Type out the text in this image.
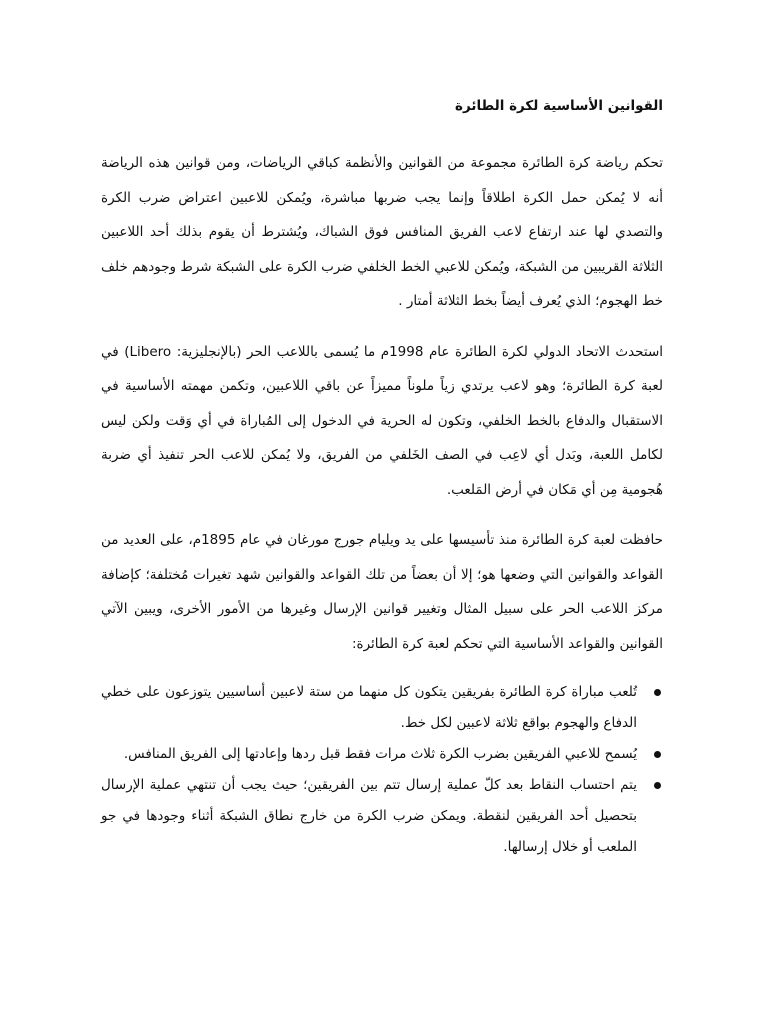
القوانين الأساسية لكرة الطائرة

تحكم رياضة كرة الطائرة مجموعة من القوانين والأنظمة كباقي الرياضات، ومن قوانين هذه الرياضة أنه لا يُمكن حمل الكرة اطلاقاً وإنما يجب ضربها مباشرة، ويُمكن للاعبين اعتراض ضرب الكرة والتصدي لها عند ارتفاع لاعب الفريق المنافس فوق الشباك، ويُشترط أن يقوم بذلك أحد اللاعبين الثلاثة القريبين من الشبكة، ويُمكن للاعبي الخط الخلفي ضرب الكرة على الشبكة شرط وجودهم خلف خط الهجوم؛ الذي يُعرف أيضاً بخط الثلاثة أمتار .

استحدث الاتحاد الدولي لكرة الطائرة عام 1998م ما يُسمى باللاعب الحر (بالإنجليزية: Libero) في لعبة كرة الطائرة؛ وهو لاعب يرتدي زياً ملوناً مميزاً عن باقي اللاعبين، وتكمن مهمته الأساسية في الاستقبال والدفاع بالخط الخلفي، وتكون له الحرية في الدخول إلى المُباراة في أي وَقت ولكن ليس لكامل اللعبة، وبَدل أي لاعِب في الصف الخَلفي من الفريق، ولا يُمكن للاعب الحر تنفيذ أي ضربة هُجومية مِن أي مَكان في أرض المَلعب.

حافظت لعبة كرة الطائرة منذ تأسيسها على يد ويليام جورج مورغان في عام 1895م، على العديد من القواعد والقوانين التي وضعها هو؛ إلا أن بعضاً من تلك القواعد والقوانين شهد تغيرات مُختلفة؛ كإضافة مركز اللاعب الحر على سبيل المثال وتغيير قوانين الإرسال وغيرها من الأمور الأخرى، ويبين الآتي القوانين والقواعد الأساسية التي تحكم لعبة كرة الطائرة:

تُلعب مباراة كرة الطائرة بفريقين يتكون كل منهما من ستة لاعبين أساسيين يتوزعون على خطي الدفاع والهجوم بواقع ثلاثة لاعبين لكل خط.
يُسمح للاعبي الفريقين بضرب الكرة ثلاث مرات فقط قبل ردها وإعادتها إلى الفريق المنافس.
يتم احتساب النقاط بعد كلّ عملية إرسال تتم بين الفريقين؛ حيث يجب أن تنتهي عملية الإرسال بتحصيل أحد الفريقين لنقطة. ويمكن ضرب الكرة من خارج نطاق الشبكة أثناء وجودها في جو الملعب أو خلال إرسالها.
